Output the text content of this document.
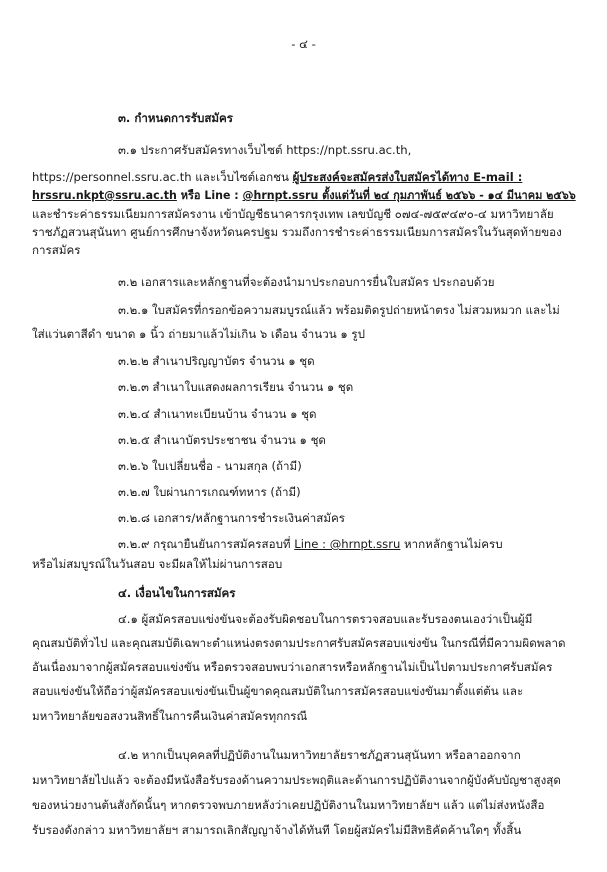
- ๔ -
๓. กำหนดการรับสมัคร
๓.๑ ประกาศรับสมัครทางเว็บไซต์ https://npt.ssru.ac.th,
https://personnel.ssru.ac.th และเว็บไซต์เอกชน ผู้ประสงค์จะสมัครส่งใบสมัครได้ทาง E-mail :
hrssru.nkpt@ssru.ac.th หรือ Line : @hrnpt.ssru ตั้งแต่วันที่ ๒๔ กุมภาพันธ์ ๒๕๖๖ - ๑๔ มีนาคม ๒๕๖๖
และชำระค่าธรรมเนียมการสมัครงาน เข้าบัญชีธนาคารกรุงเทพ เลขบัญชี ๐๗๔-๗๕๙๔๙๐-๔ มหาวิทยาลัย
ราชภัฏสวนสุนันทา ศูนย์การศึกษาจังหวัดนครปฐม รวมถึงการชำระค่าธรรมเนียมการสมัครในวันสุดท้ายของ
การสมัคร
๓.๒ เอกสารและหลักฐานที่จะต้องนำมาประกอบการยื่นใบสมัคร ประกอบด้วย
๓.๒.๑ ใบสมัครที่กรอกข้อความสมบูรณ์แล้ว พร้อมติดรูปถ่ายหน้าตรง ไม่สวมหมวก และไม่
ใส่แว่นตาสีดำ ขนาด ๑ นิ้ว ถ่ายมาแล้วไม่เกิน ๖ เดือน จำนวน ๑ รูป
๓.๒.๒ สำเนาปริญญาบัตร จำนวน ๑ ชุด
๓.๒.๓ สำเนาใบแสดงผลการเรียน จำนวน ๑ ชุด
๓.๒.๔ สำเนาทะเบียนบ้าน จำนวน ๑ ชุด
๓.๒.๕ สำเนาบัตรประชาชน จำนวน ๑ ชุด
๓.๒.๖ ใบเปลี่ยนชื่อ - นามสกุล (ถ้ามี)
๓.๒.๗ ใบผ่านการเกณฑ์ทหาร (ถ้ามี)
๓.๒.๘ เอกสาร/หลักฐานการชำระเงินค่าสมัคร
๓.๒.๙ กรุณายืนยันการสมัครสอบที่ Line : @hrnpt.ssru หากหลักฐานไม่ครบ
หรือไม่สมบูรณ์ในวันสอบ จะมีผลให้ไม่ผ่านการสอบ
๔. เงื่อนไขในการสมัคร
๔.๑ ผู้สมัครสอบแข่งขันจะต้องรับผิดชอบในการตรวจสอบและรับรองตนเองว่าเป็นผู้มี
คุณสมบัติทั่วไป และคุณสมบัติเฉพาะตำแหน่งตรงตามประกาศรับสมัครสอบแข่งขัน ในกรณีที่มีความผิดพลาด
อันเนื่องมาจากผู้สมัครสอบแข่งขัน หรือตรวจสอบพบว่าเอกสารหรือหลักฐานไม่เป็นไปตามประกาศรับสมัคร
สอบแข่งขันให้ถือว่าผู้สมัครสอบแข่งขันเป็นผู้ขาดคุณสมบัติในการสมัครสอบแข่งขันมาตั้งแต่ต้น และ
มหาวิทยาลัยขอสงวนสิทธิ์ในการคืนเงินค่าสมัครทุกกรณี
๔.๒ หากเป็นบุคคลที่ปฏิบัติงานในมหาวิทยาลัยราชภัฏสวนสุนันทา หรือลาออกจาก
มหาวิทยาลัยไปแล้ว จะต้องมีหนังสือรับรองด้านความประพฤติและด้านการปฏิบัติงานจากผู้บังคับบัญชาสูงสุด
ของหน่วยงานต้นสังกัดนั้นๆ หากตรวจพบภายหลังว่าเคยปฏิบัติงานในมหาวิทยาลัยฯ แล้ว แต่ไม่ส่งหนังสือ
รับรองดังกล่าว มหาวิทยาลัยฯ สามารถเลิกสัญญาจ้างได้ทันที โดยผู้สมัครไม่มีสิทธิคัดค้านใดๆ ทั้งสิ้น
